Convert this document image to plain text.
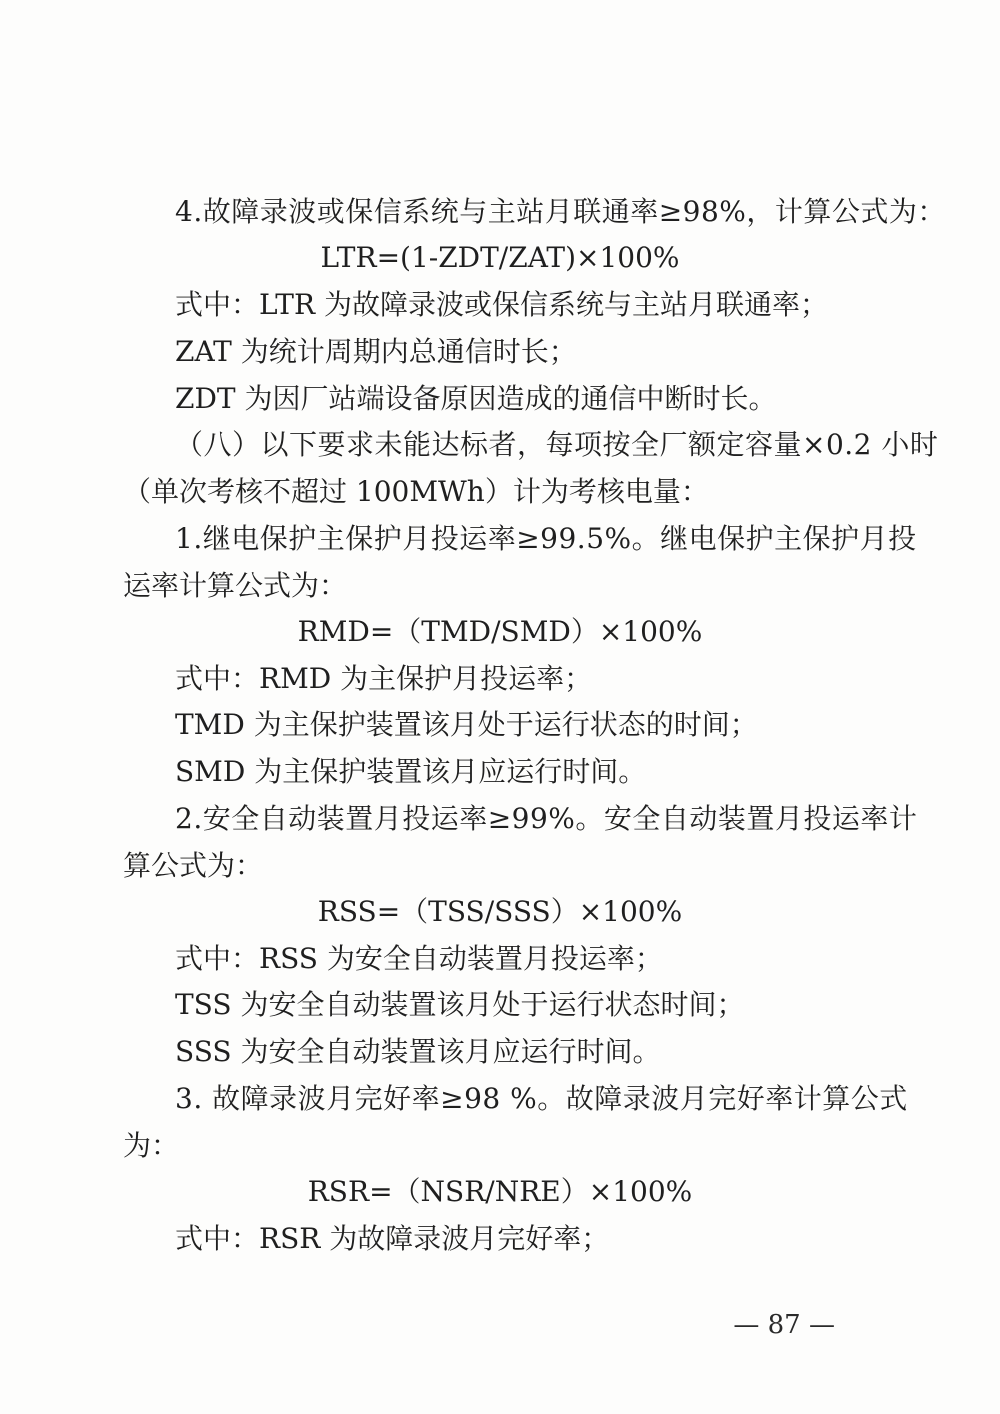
4.故障录波或保信系统与主站月联通率≥98%，计算公式为：

LTR=(1-ZDT/ZAT)×100%

式中：LTR 为故障录波或保信系统与主站月联通率；

ZAT 为统计周期内总通信时长；

ZDT 为因厂站端设备原因造成的通信中断时长。

（八）以下要求未能达标者，每项按全厂额定容量×0.2 小时

（单次考核不超过 100MWh）计为考核电量：

1.继电保护主保护月投运率≥99.5%。继电保护主保护月投

运率计算公式为：

RMD=（TMD/SMD）×100%

式中：RMD 为主保护月投运率；

TMD 为主保护装置该月处于运行状态的时间；

SMD 为主保护装置该月应运行时间。

2.安全自动装置月投运率≥99%。安全自动装置月投运率计

算公式为：

RSS=（TSS/SSS）×100%

式中：RSS 为安全自动装置月投运率；

TSS 为安全自动装置该月处于运行状态时间；

SSS 为安全自动装置该月应运行时间。

3. 故障录波月完好率≥98 %。故障录波月完好率计算公式

为：

RSR=（NSR/NRE）×100%

式中：RSR 为故障录波月完好率；

— 87 —
